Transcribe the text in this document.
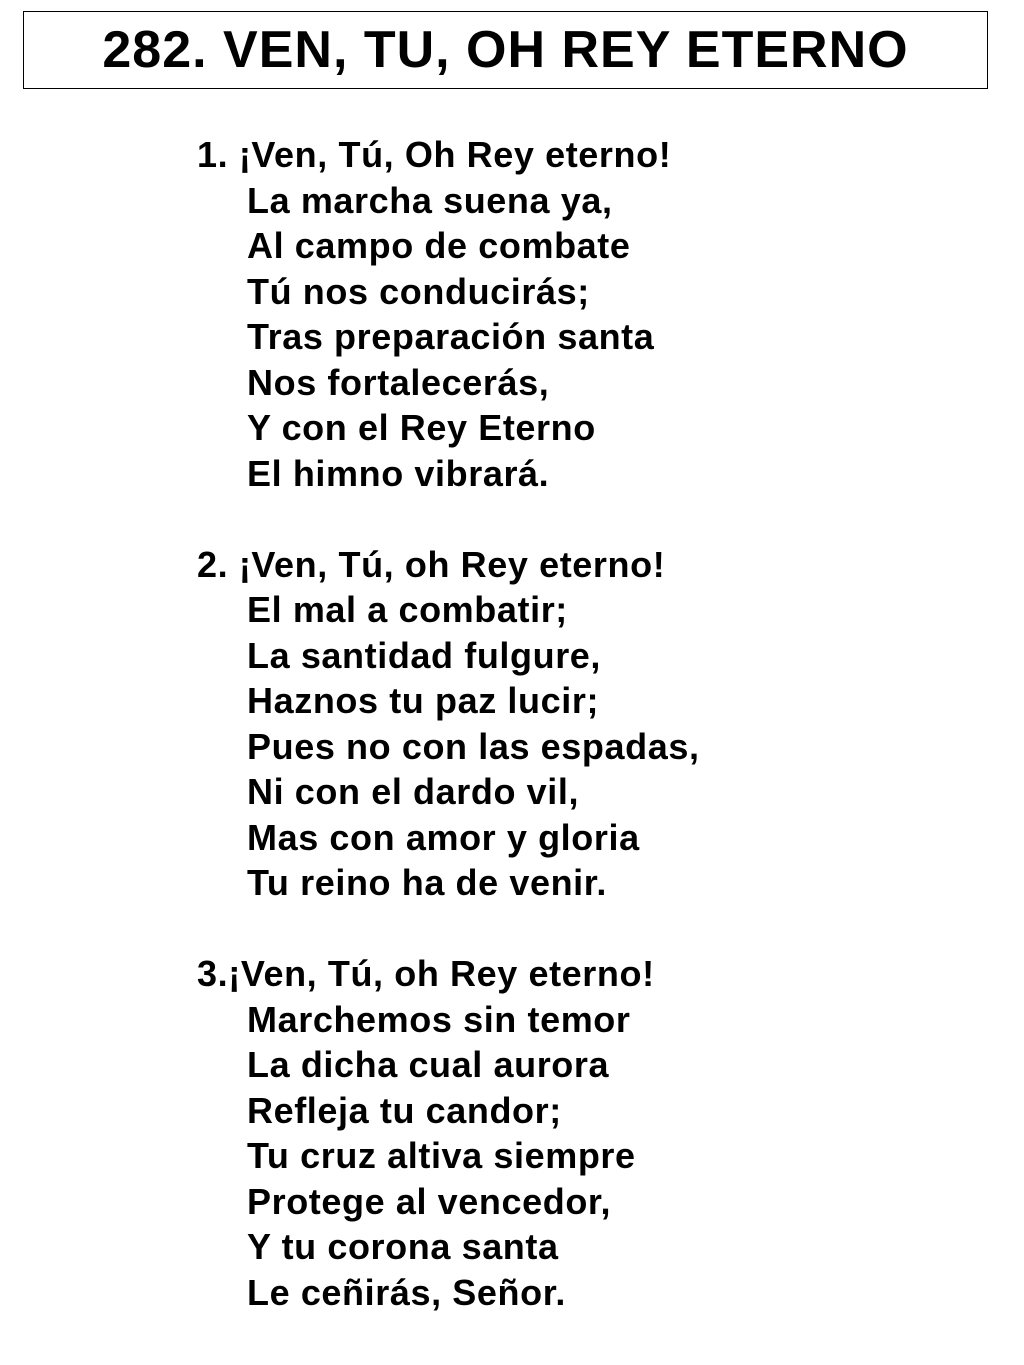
282. VEN, TU, OH REY ETERNO
1. ¡Ven, Tú, Oh Rey eterno!
La marcha suena ya,
Al campo de combate
Tú nos conducirás;
Tras preparación santa
Nos fortalecerás,
Y con el Rey Eterno
El himno vibrará.
2. ¡Ven, Tú, oh Rey eterno!
El mal a combatir;
La santidad fulgure,
Haznos tu paz lucir;
Pues no con las espadas,
Ni con el dardo vil,
Mas con amor y gloria
Tu reino ha de venir.
3.¡Ven, Tú, oh Rey eterno!
Marchemos sin temor
La dicha cual aurora
Refleja tu candor;
Tu cruz altiva siempre
Protege al vencedor,
Y tu corona santa
Le ceñirás, Señor.
